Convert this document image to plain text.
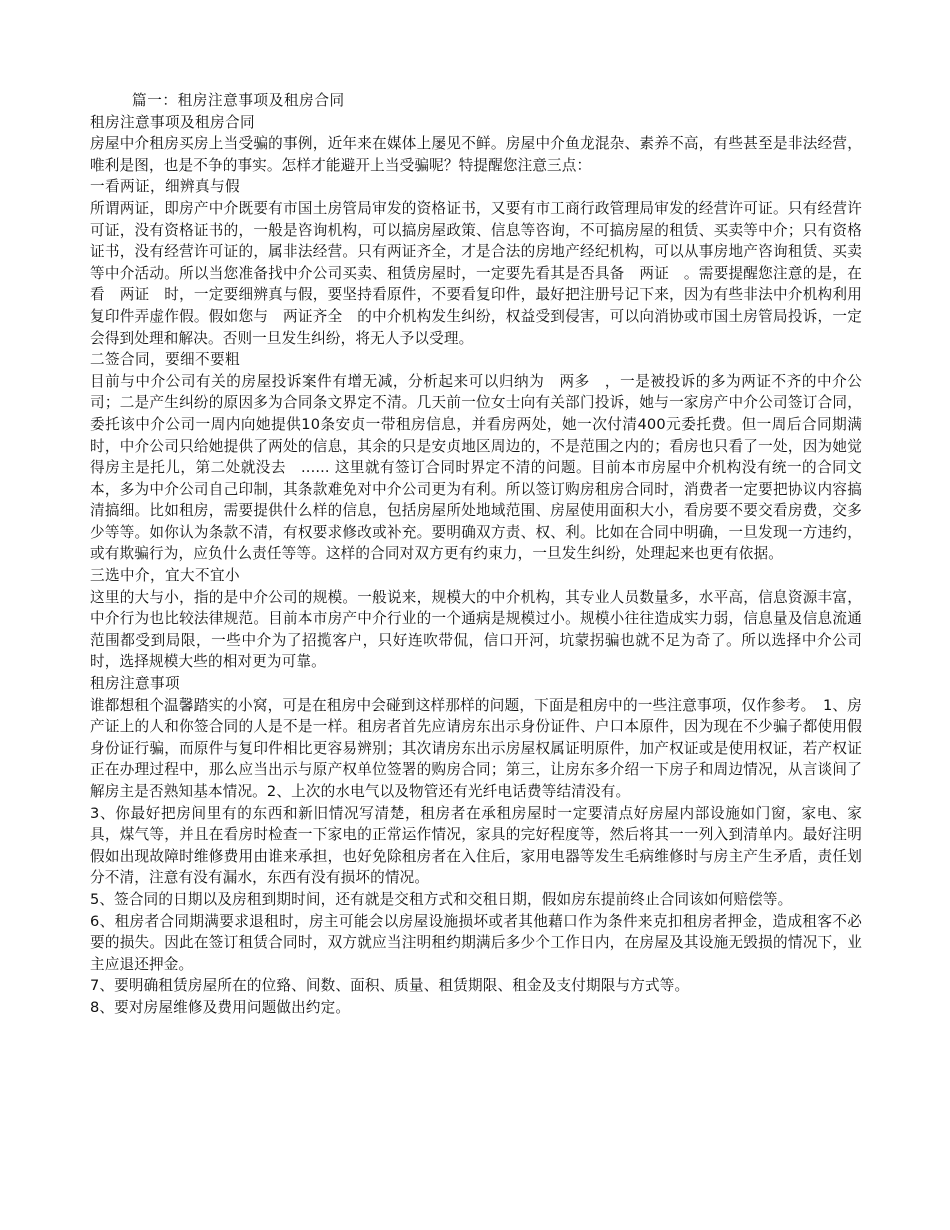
篇一：租房注意事项及租房合同

租房注意事项及租房合同

房屋中介租房买房上当受骗的事例，近年来在媒体上屡见不鲜。房屋中介鱼龙混杂、素养不高，有些甚至是非法经营，唯利是图，也是不争的事实。怎样才能避开上当受骗呢？特提醒您注意三点：

一看两证，细辨真与假

所谓两证，即房产中介既要有市国土房管局审发的资格证书，又要有市工商行政管理局审发的经营许可证。只有经营许可证，没有资格证书的，一般是咨询机构，可以搞房屋政策、信息等咨询，不可搞房屋的租赁、买卖等中介；只有资格证书，没有经营许可证的，属非法经营。只有两证齐全，才是合法的房地产经纪机构，可以从事房地产咨询租赁、买卖等中介活动。所以当您准备找中介公司买卖、租赁房屋时，一定要先看其是否具备　两证　。需要提醒您注意的是，在看　两证　时，一定要细辨真与假，要坚持看原件，不要看复印件，最好把注册号记下来，因为有些非法中介机构利用复印件弄虚作假。假如您与　两证齐全　的中介机构发生纠纷，权益受到侵害，可以向消协或市国土房管局投诉，一定会得到处理和解决。否则一旦发生纠纷，将无人予以受理。

二签合同，要细不要粗

目前与中介公司有关的房屋投诉案件有增无减，分析起来可以归纳为　两多　，一是被投诉的多为两证不齐的中介公司；二是产生纠纷的原因多为合同条文界定不清。几天前一位女士向有关部门投诉，她与一家房产中介公司签订合同，委托该中介公司一周内向她提供10条安贞一带租房信息，并看房两处，她一次付清400元委托费。但一周后合同期满时，中介公司只给她提供了两处的信息，其余的只是安贞地区周边的，不是范围之内的；看房也只看了一处，因为她觉得房主是托儿，第二处就没去　...... 这里就有签订合同时界定不清的问题。目前本市房屋中介机构没有统一的合同文本，多为中介公司自己印制，其条款难免对中介公司更为有利。所以签订购房租房合同时，消费者一定要把协议内容搞清搞细。比如租房，需要提供什么样的信息，包括房屋所处地域范围、房屋使用面积大小，看房要不要交看房费，交多少等等。如你认为条款不清，有权要求修改或补充。要明确双方责、权、利。比如在合同中明确，一旦发现一方违约，或有欺骗行为，应负什么责任等等。这样的合同对双方更有约束力，一旦发生纠纷，处理起来也更有依据。

三选中介，宜大不宜小

这里的大与小，指的是中介公司的规模。一般说来，规模大的中介机构，其专业人员数量多，水平高，信息资源丰富，中介行为也比较法律规范。目前本市房产中介行业的一个通病是规模过小。规模小往往造成实力弱，信息量及信息流通范围都受到局限，一些中介为了招揽客户，只好连吹带侃，信口开河，坑蒙拐骗也就不足为奇了。所以选择中介公司时，选择规模大些的相对更为可靠。

租房注意事项

谁都想租个温馨踏实的小窝，可是在租房中会碰到这样那样的问题，下面是租房中的一些注意事项，仅作参考。　1、房产证上的人和你签合同的人是不是一样。租房者首先应请房东出示身份证件、户口本原件，因为现在不少骗子都使用假身份证行骗，而原件与复印件相比更容易辨别；其次请房东出示房屋权属证明原件，加产权证或是使用权证，若产权证正在办理过程中，那么应当出示与原产权单位签署的购房合同；第三，让房东多介绍一下房子和周边情况，从言谈间了解房主是否熟知基本情况。2、上次的水电气以及物管还有光纤电话费等结清没有。

3、你最好把房间里有的东西和新旧情况写清楚，租房者在承租房屋时一定要清点好房屋内部设施如门窗，家电、家具，煤气等，并且在看房时检查一下家电的正常运作情况，家具的完好程度等，然后将其一一列入到清单内。最好注明假如出现故障时维修费用由谁来承担，也好免除租房者在入住后，家用电器等发生毛病维修时与房主产生矛盾，责任划分不清，注意有没有漏水，东西有没有损坏的情况。

5、签合同的日期以及房租到期时间，还有就是交租方式和交租日期，假如房东提前终止合同该如何赔偿等。

6、租房者合同期满要求退租时，房主可能会以房屋设施损坏或者其他藉口作为条件来克扣租房者押金，造成租客不必要的损失。因此在签订租赁合同时，双方就应当注明租约期满后多少个工作日内，在房屋及其设施无毁损的情况下，业主应退还押金。

7、要明确租赁房屋所在的位臵、间数、面积、质量、租赁期限、租金及支付期限与方式等。

8、要对房屋维修及费用问题做出约定。
